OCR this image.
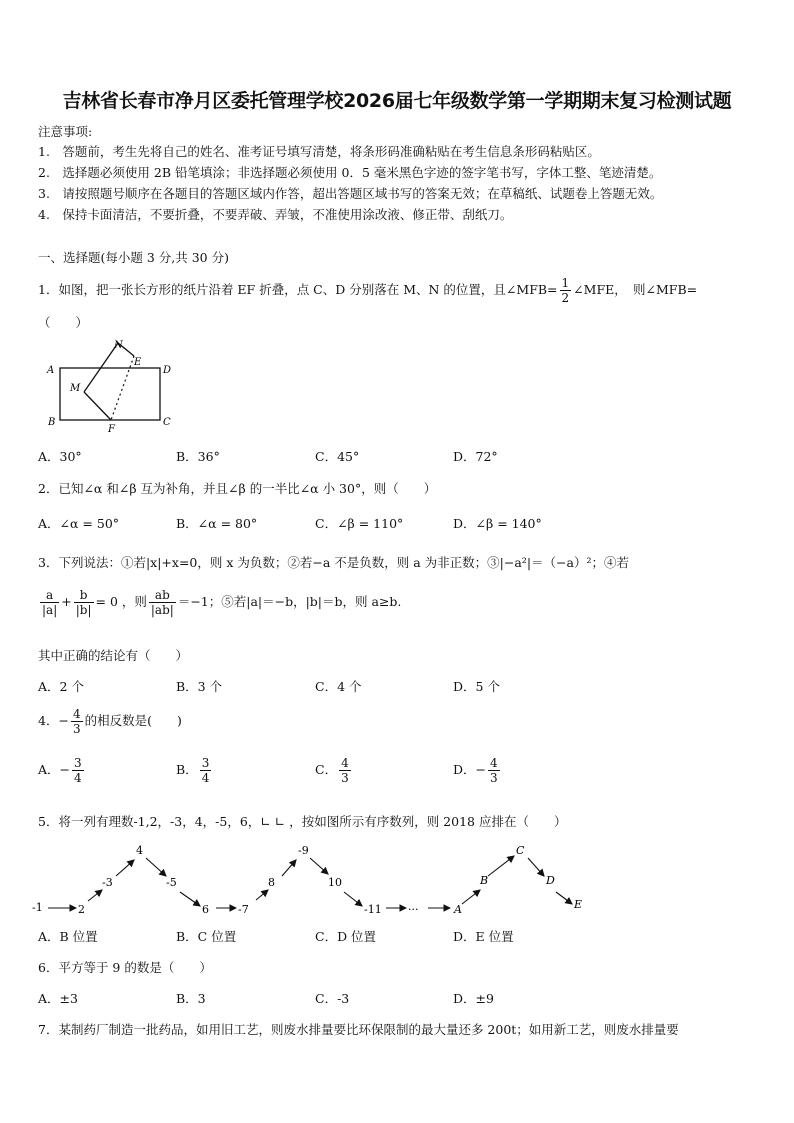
吉林省长春市净月区委托管理学校2026届七年级数学第一学期期末复习检测试题
注意事项:
1.　答题前，考生先将自己的姓名、准考证号填写清楚，将条形码准确粘贴在考生信息条形码粘贴区。
2.　选择题必须使用 2B 铅笔填涂；非选择题必须使用 0．5 毫米黑色字迹的签字笔书写，字体工整、笔迹清楚。
3.　请按照题号顺序在各题目的答题区域内作答，超出答题区域书写的答案无效；在草稿纸、试题卷上答题无效。
4.　保持卡面清洁，不要折叠，不要弄破、弄皱，不准使用涂改液、修正带、刮纸刀。
一、选择题(每小题 3 分,共 30 分)
1．如图，把一张长方形的纸片沿着 EF 折叠，点 C、D 分别落在 M、N 的位置，且∠MFB= $\frac{1}{2}$ ∠MFE，　则∠MFB=
（　　）
A
B	C
D
E
F
M
N
A．30°	B．36°	C．45°	D．72°
2．已知∠α 和∠β 互为补角，并且∠β 的一半比∠α 小 30°，则（　　）
A．∠α = 50°	B．∠α = 80°	C．∠β = 110°	D．∠β = 140°
3．下列说法：①若|x|+x=0，则 x 为负数；②若−a 不是负数，则 a 为非正数；③|−a²|＝（−a）²；④若
$\frac{a}{|a|} + \frac{b}{|b|} = 0$ ，则 $\frac{ab}{|ab|} =-1$；⑤若|a|＝−b，|b|＝b，则 a≥b.
其中正确的结论有（　　）
A．2 个	B．3 个	C．4 个	D．5 个
4．− $\frac{4}{3}$ 的相反数是(　　)
A．− $\frac{3}{4}$	B． $\frac{3}{4}$	C． $\frac{4}{3}$	D．− $\frac{4}{3}$
5．将一列有理数-1,2，-3，4，-5，6，∟ ∟ ，按如图所示有序数列，则 2018 应排在（　　）
-1	2
-3
4
-5
6	-7
8
-9
10
-11 ···	A
B
C
D
E
A．B 位置	B．C 位置	C．D 位置	D．E 位置
6．平方等于 9 的数是（　　）
A．±3	B．3	C．-3	D．±9
7．某制药厂制造一批药品，如用旧工艺，则废水排量要比环保限制的最大量还多 200t；如用新工艺，则废水排量要
